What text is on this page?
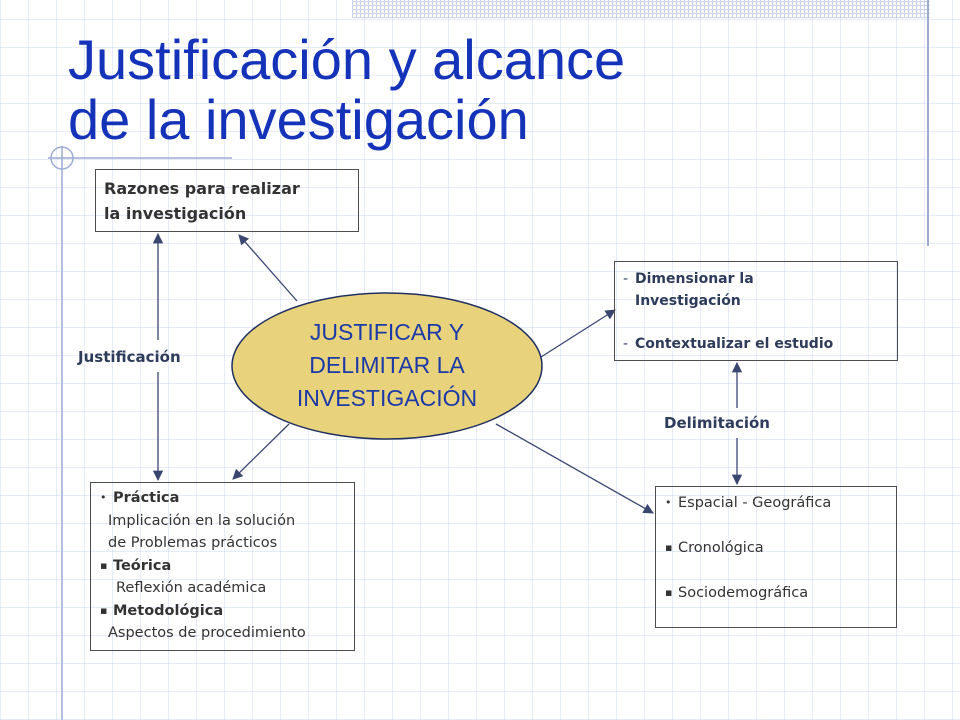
Justificación y alcance
de la investigación
Razones para realizar
la investigación
- Dimensionar la
Investigación
- Contextualizar el estudio
JUSTIFICAR Y
DELIMITAR LA
INVESTIGACIÓN
Justificación
Delimitación
• Práctica
Implicación en la solución
de Problemas prácticos
▪ Teórica
Reflexión académica
▪ Metodológica
Aspectos de procedimiento
• Espacial - Geográfica
▪ Cronológica
▪ Sociodemográfica
